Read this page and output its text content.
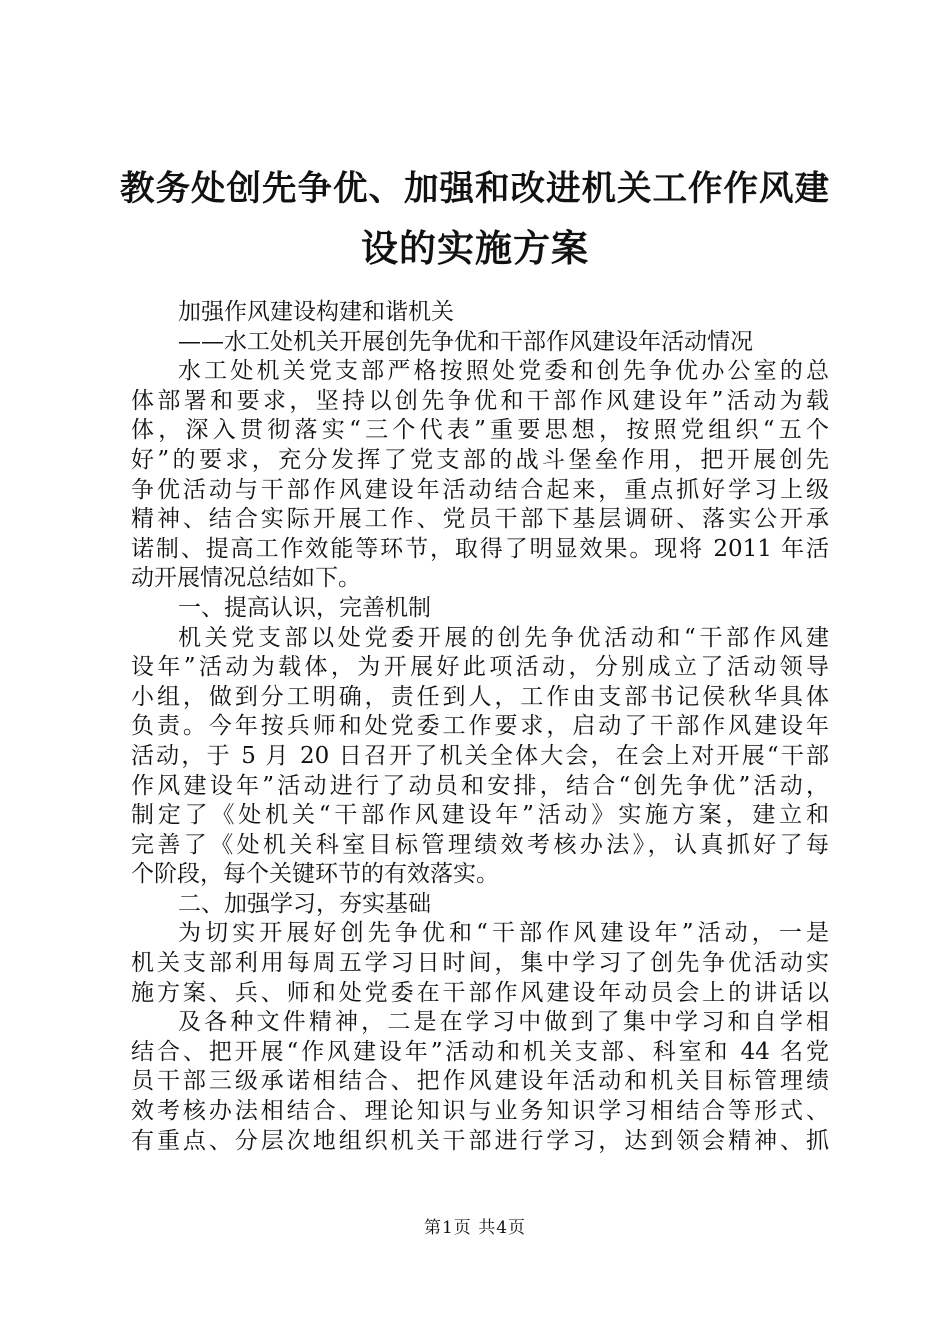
教务处创先争优、加强和改进机关工作作风建
设的实施方案
加强作风建设构建和谐机关
——水工处机关开展创先争优和干部作风建设年活动情况
水工处机关党支部严格按照处党委和创先争优办公室的总
体部署和要求，坚持以创先争优和干部作风建设年”活动为载
体，深入贯彻落实“三个代表”重要思想，按照党组织“五个
好”的要求，充分发挥了党支部的战斗堡垒作用，把开展创先
争优活动与干部作风建设年活动结合起来，重点抓好学习上级
精神、结合实际开展工作、党员干部下基层调研、落实公开承
诺制、提高工作效能等环节，取得了明显效果。现将 2011 年活
动开展情况总结如下。
一、提高认识，完善机制
机关党支部以处党委开展的创先争优活动和“干部作风建
设年”活动为载体，为开展好此项活动，分别成立了活动领导
小组，做到分工明确，责任到人，工作由支部书记侯秋华具体
负责。今年按兵师和处党委工作要求，启动了干部作风建设年
活动，于 5 月 20 日召开了机关全体大会，在会上对开展“干部
作风建设年”活动进行了动员和安排，结合“创先争优”活动，
制定了《处机关“干部作风建设年”活动》实施方案，建立和
完善了《处机关科室目标管理绩效考核办法》，认真抓好了每
个阶段，每个关键环节的有效落实。
二、加强学习，夯实基础
为切实开展好创先争优和“干部作风建设年”活动，一是
机关支部利用每周五学习日时间，集中学习了创先争优活动实
施方案、兵、师和处党委在干部作风建设年动员会上的讲话以
及各种文件精神，二是在学习中做到了集中学习和自学相
结合、把开展“作风建设年”活动和机关支部、科室和 44 名党
员干部三级承诺相结合、把作风建设年活动和机关目标管理绩
效考核办法相结合、理论知识与业务知识学习相结合等形式、
有重点、分层次地组织机关干部进行学习，达到领会精神、抓
第1页 共4页
